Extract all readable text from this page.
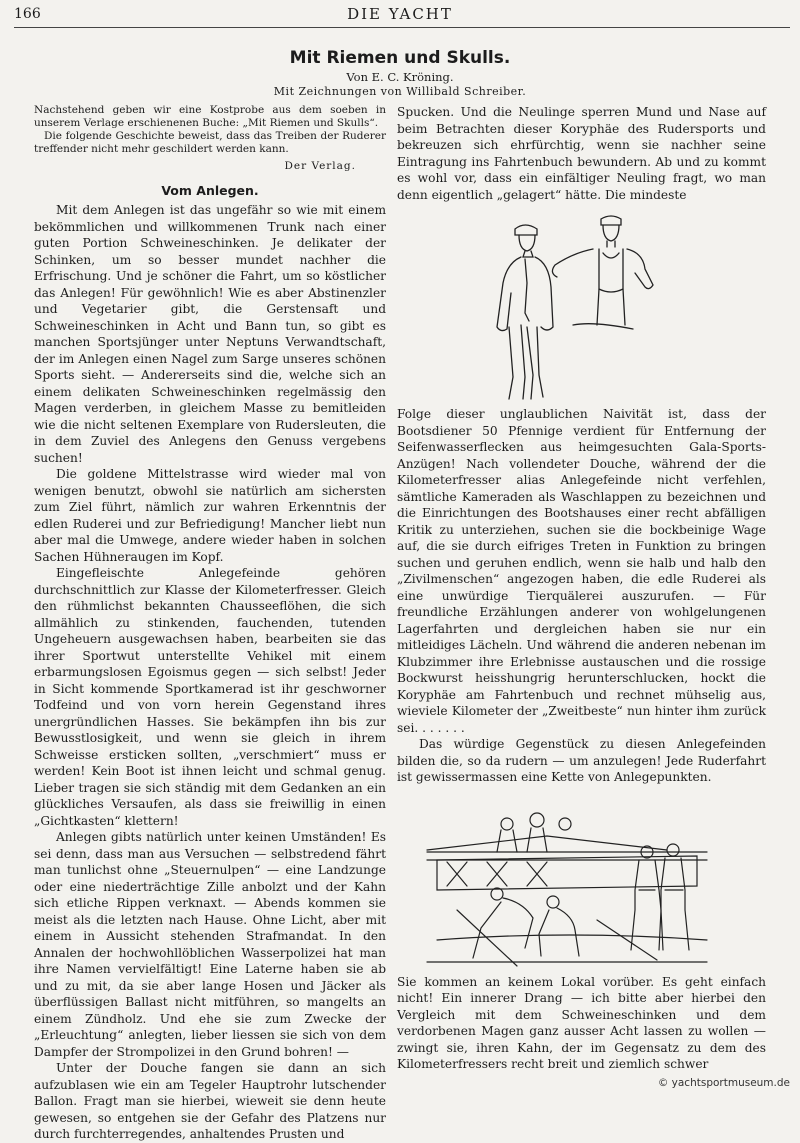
166	DIE YACHT
Mit Riemen und Skulls.
Von E. C. Kröning.
Mit Zeichnungen von Willibald Schreiber.

Nachstehend geben wir eine Kostprobe aus dem soeben in unserem Verlage erschienenen Buche: „Mit Riemen und Skulls“.

Die folgende Geschichte beweist, dass das Treiben der Ruderer treffender nicht mehr geschildert werden kann.

Der Verlag.
Vom Anlegen.

Mit dem Anlegen ist das ungefähr so wie mit einem bekömmlichen und willkommenen Trunk nach einer guten Portion Schweineschinken. Je delikater der Schinken, um so besser mundet nachher die Erfrischung. Und je schöner die Fahrt, um so köstlicher das Anlegen! Für gewöhnlich! Wie es aber Abstinenzler und Vegetarier gibt, die Gerstensaft und Schweineschinken in Acht und Bann tun, so gibt es manchen Sportsjünger unter Neptuns Verwandtschaft, der im Anlegen einen Nagel zum Sarge unseres schönen Sports sieht. — Andererseits sind die, welche sich an einem delikaten Schweineschinken regelmässig den Magen verderben, in gleichem Masse zu bemitleiden wie die nicht seltenen Exemplare von Rudersleuten, die in dem Zuviel des Anlegens den Genuss vergebens suchen!

Die goldene Mittelstrasse wird wieder mal von wenigen benutzt, obwohl sie natürlich am sichersten zum Ziel führt, nämlich zur wahren Erkenntnis der edlen Ruderei und zur Befriedigung! Mancher liebt nun aber mal die Umwege, andere wieder haben in solchen Sachen Hühneraugen im Kopf.

Eingefleischte Anlegefeinde gehören durchschnittlich zur Klasse der Kilometerfresser. Gleich den rühmlichst bekannten Chausseeflöhen, die sich allmählich zu stinkenden, fauchenden, tutenden Ungeheuern ausgewachsen haben, bearbeiten sie das ihrer Sportwut unterstellte Vehikel mit einem erbarmungslosen Egoismus gegen — sich selbst! Jeder in Sicht kommende Sportkamerad ist ihr geschworner Todfeind und von vorn herein Gegenstand ihres unergründlichen Hasses. Sie bekämpfen ihn bis zur Bewusstlosigkeit, und wenn sie gleich in ihrem Schweisse ersticken sollten, „verschmiert“ muss er werden! Kein Boot ist ihnen leicht und schmal genug. Lieber tragen sie sich ständig mit dem Gedanken an ein glückliches Versaufen, als dass sie freiwillig in einen „Gichtkasten“ klettern!

Anlegen gibts natürlich unter keinen Umständen! Es sei denn, dass man aus Versuchen — selbstredend fährt man tunlichst ohne „Steuernulpen“ — eine Landzunge oder eine niederträchtige Zille anbolzt und der Kahn sich etliche Rippen verknaxt. — Abends kommen sie meist als die letzten nach Hause. Ohne Licht, aber mit einem in Aussicht stehenden Strafmandat. In den Annalen der hochwohllöblichen Wasserpolizei hat man ihre Namen vervielfältigt! Eine Laterne haben sie ab und zu mit, da sie aber lange Hosen und Jäcker als überflüssigen Ballast nicht mitführen, so mangelts an einem Zündholz. Und ehe sie zum Zwecke der „Erleuchtung“ anlegten, lieber liessen sie sich von dem Dampfer der Strompolizei in den Grund bohren! —

Unter der Douche fangen sie dann an sich aufzublasen wie ein am Tegeler Hauptrohr lutschender Ballon. Fragt man sie hierbei, wieweit sie denn heute gewesen, so entgehen sie der Gefahr des Platzens nur durch furchterregendes, anhaltendes Prusten und

Spucken. Und die Neulinge sperren Mund und Nase auf beim Betrachten dieser Koryphäe des Rudersports und bekreuzen sich ehrfürchtig, wenn sie nachher seine Eintragung ins Fahrtenbuch bewundern. Ab und zu kommt es wohl vor, dass ein einfältiger Neuling fragt, wo man denn eigentlich „gelagert“ hätte. Die mindeste

Folge dieser unglaublichen Naivität ist, dass der Bootsdiener 50 Pfennige verdient für Entfernung der Seifenwasserflecken aus heimgesuchten Gala-Sports-Anzügen! Nach vollendeter Douche, während der die Kilometerfresser alias Anlegefeinde nicht verfehlen, sämtliche Kameraden als Waschlappen zu bezeichnen und die Einrichtungen des Bootshauses einer recht abfälligen Kritik zu unterziehen, suchen sie die bockbeinige Wage auf, die sie durch eifriges Treten in Funktion zu bringen suchen und geruhen endlich, wenn sie halb und halb den „Zivilmenschen“ angezogen haben, die edle Ruderei als eine unwürdige Tierquälerei auszurufen. — Für freundliche Erzählungen anderer von wohlgelungenen Lagerfahrten und dergleichen haben sie nur ein mitleidiges Lächeln. Und während die anderen nebenan im Klubzimmer ihre Erlebnisse austauschen und die rossige Bockwurst heisshungrig herunterschlucken, hockt die Koryphäe am Fahrtenbuch und rechnet mühselig aus, wieviele Kilometer der „Zweitbeste“ nun hinter ihm zurück sei. . . . . . .

Das würdige Gegenstück zu diesen Anlegefeinden bilden die, so da rudern — um anzulegen! Jede Ruderfahrt ist gewissermassen eine Kette von Anlegepunkten.

Sie kommen an keinem Lokal vorüber. Es geht einfach nicht! Ein innerer Drang — ich bitte aber hierbei den Vergleich mit dem Schweineschinken und dem verdorbenen Magen ganz ausser Acht lassen zu wollen — zwingt sie, ihren Kahn, der im Gegensatz zu dem des Kilometerfressers recht breit und ziemlich schwer

© yachtsportmuseum.de
